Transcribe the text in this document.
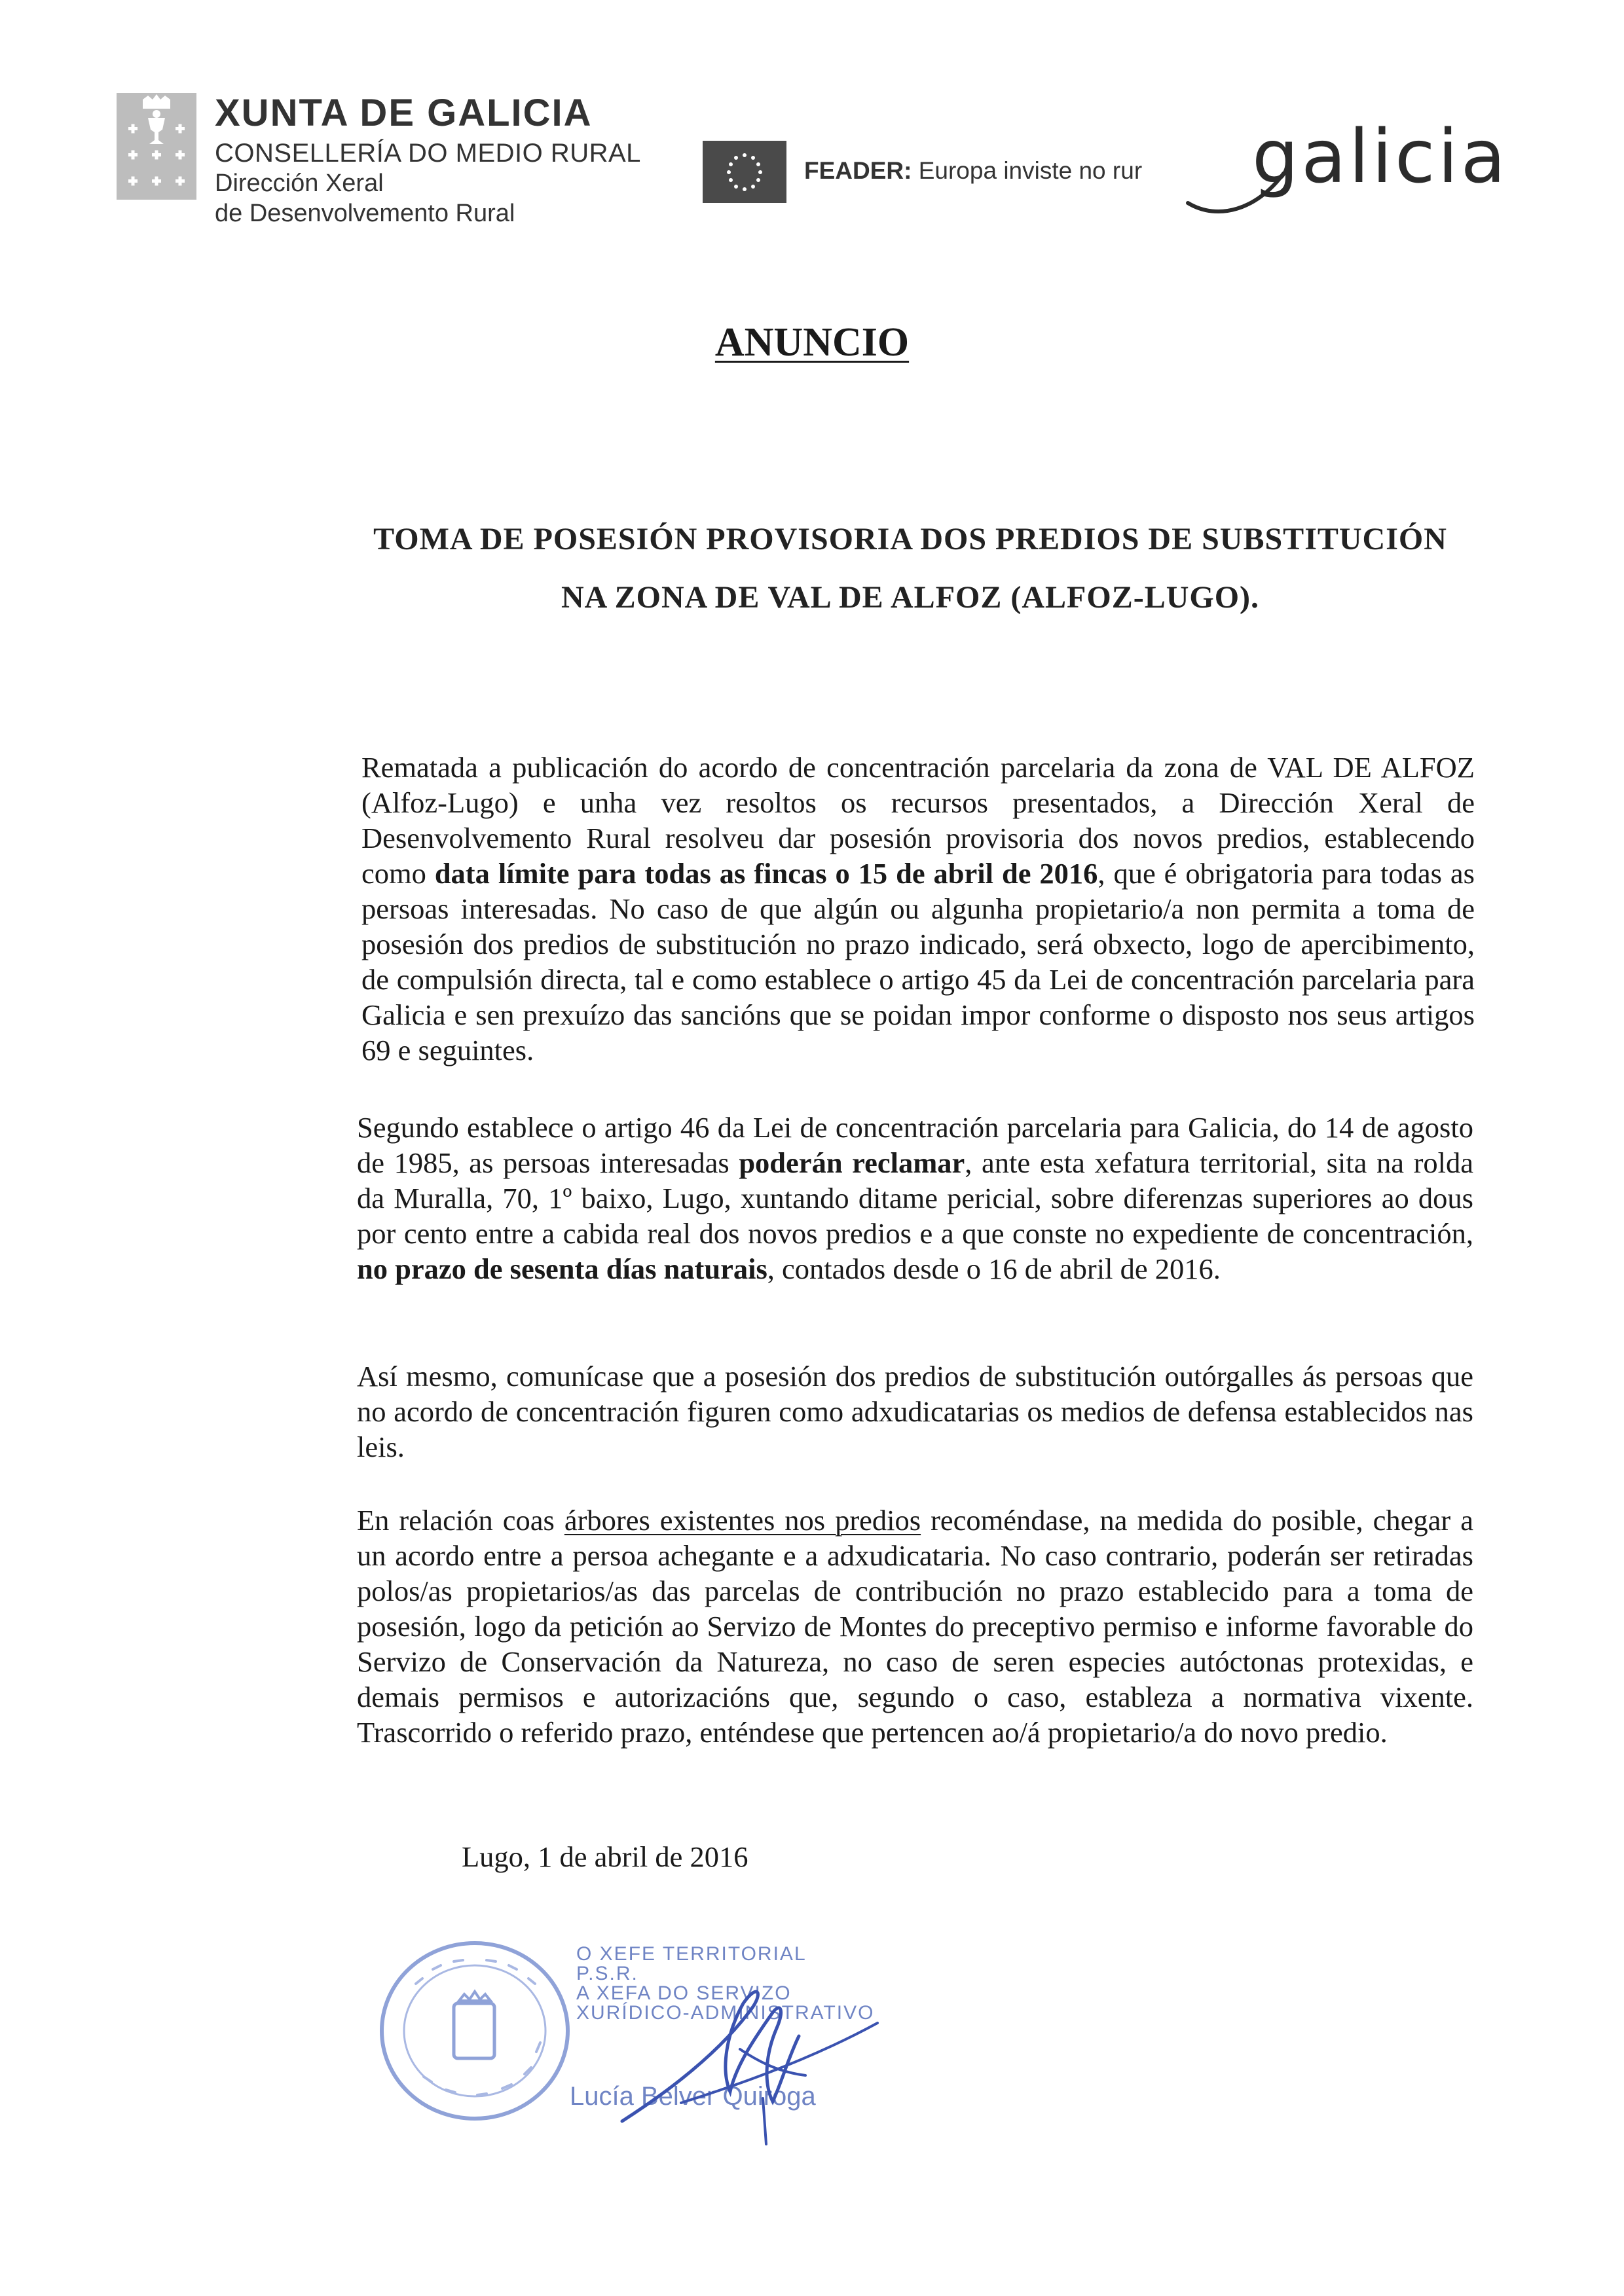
XUNTA DE GALICIA
CONSELLERÍA DO MEDIO RURAL
Dirección Xeral
de Desenvolvemento Rural
FEADER: Europa inviste no rur galicia
ANUNCIO
TOMA DE POSESIÓN PROVISORIA DOS PREDIOS DE SUBSTITUCIÓN
NA ZONA DE VAL DE ALFOZ (ALFOZ-LUGO).
Rematada a publicación do acordo de concentración parcelaria da zona de VAL DE ALFOZ (Alfoz-Lugo) e unha vez resoltos os recursos presentados, a Dirección Xeral de Desenvolvemento Rural resolveu dar posesión provisoria dos novos predios, establecendo como data límite para todas as fincas o 15 de abril de 2016, que é obrigatoria para todas as persoas interesadas. No caso de que algún ou algunha propietario/a non permita a toma de posesión dos predios de substitución no prazo indicado, será obxecto, logo de apercibimento, de compulsión directa, tal e como establece o artigo 45 da Lei de concentración parcelaria para Galicia e sen prexuízo das sancións que se poidan impor conforme o disposto nos seus artigos 69 e seguintes.
Segundo establece o artigo 46 da Lei de concentración parcelaria para Galicia, do 14 de agosto de 1985, as persoas interesadas poderán reclamar, ante esta xefatura territorial, sita na rolda da Muralla, 70, 1º baixo, Lugo, xuntando ditame pericial, sobre diferenzas superiores ao dous por cento entre a cabida real dos novos predios e a que conste no expediente de concentración, no prazo de sesenta días naturais, contados desde o 16 de abril de 2016.
Así mesmo, comunícase que a posesión dos predios de substitución outórgalles ás persoas que no acordo de concentración figuren como adxudicatarias os medios de defensa establecidos nas leis.
En relación coas árbores existentes nos predios recoméndase, na medida do posible, chegar a un acordo entre a persoa achegante e a adxudicataria. No caso contrario, poderán ser retiradas polos/as propietarios/as das parcelas de contribución no prazo establecido para a toma de posesión, logo da petición ao Servizo de Montes do preceptivo permiso e informe favorable do Servizo de Conservación da Natureza, no caso de seren especies autóctonas protexidas, e demais permisos e autorizacións que, segundo o caso, estableza a normativa vixente. Trascorrido o referido prazo, enténdese que pertencen ao/á propietario/a do novo predio.
Lugo, 1 de abril de 2016
O XEFE TERRITORIAL
P.S.R.
A XEFA DO SERVIZO
XURÍDICO-ADMINISTRATIVO
Lucía Belver Quiroga
